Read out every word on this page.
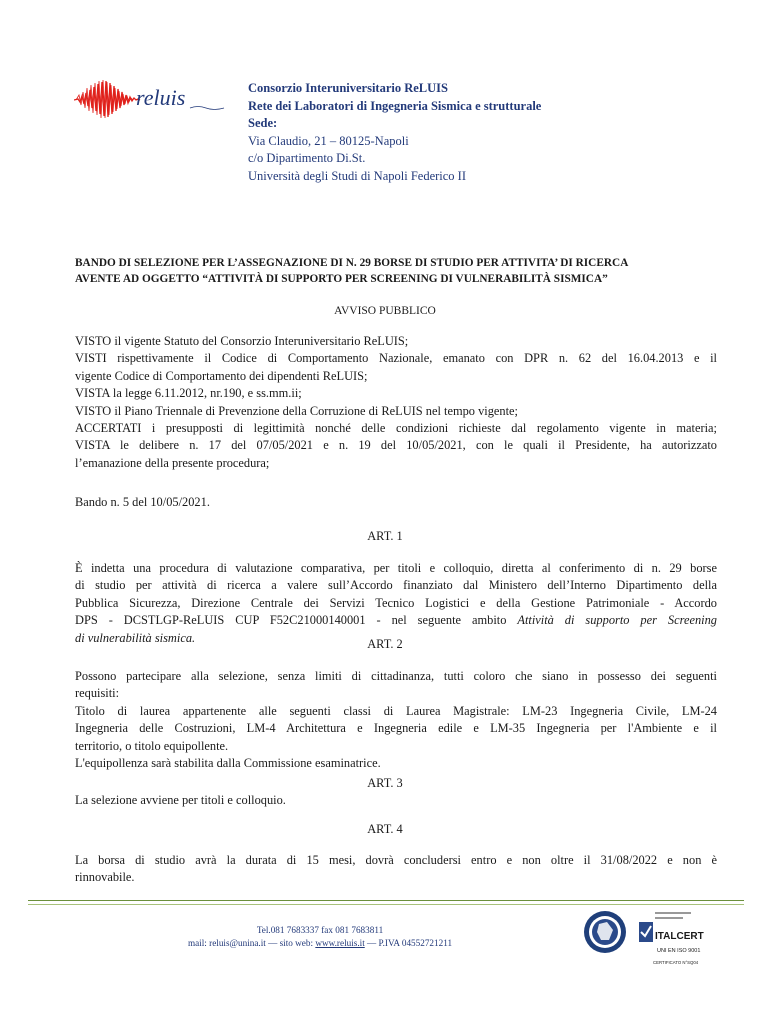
reluis	Consorzio Interuniversitario ReLUIS
Rete dei Laboratori di Ingegneria Sismica e strutturale
Sede:
Via Claudio, 21 – 80125-Napoli
c/o Dipartimento Di.St.
Università degli Studi di Napoli Federico II
BANDO DI SELEZIONE PER L’ASSEGNAZIONE DI N. 29 BORSE DI STUDIO PER ATTIVITA’ DI RICERCA
AVENTE AD OGGETTO “ATTIVITÀ DI SUPPORTO PER SCREENING DI VULNERABILITÀ SISMICA”
AVVISO PUBBLICO
VISTO il vigente Statuto del Consorzio Interuniversitario ReLUIS;
VISTI rispettivamente il Codice di Comportamento Nazionale, emanato con DPR n. 62 del 16.04.2013 e il
vigente Codice di Comportamento dei dipendenti ReLUIS;
VISTA la legge 6.11.2012, nr.190, e ss.mm.ii;
VISTO il Piano Triennale di Prevenzione della Corruzione di ReLUIS nel tempo vigente;
ACCERTATI i presupposti di legittimità nonché delle condizioni richieste dal regolamento vigente in materia;
VISTA le delibere n. 17 del 07/05/2021 e n. 19 del 10/05/2021, con le quali il Presidente, ha autorizzato
l’emanazione della presente procedura;
Bando n. 5 del 10/05/2021.
ART. 1
È indetta una procedura di valutazione comparativa, per titoli e colloquio, diretta al conferimento di n. 29 borse
di studio per attività di ricerca a valere sull’Accordo finanziato dal Ministero dell’Interno Dipartimento della
Pubblica Sicurezza, Direzione Centrale dei Servizi Tecnico Logistici e della Gestione Patrimoniale - Accordo
DPS - DCSTLGP-ReLUIS CUP F52C21000140001 - nel seguente ambito Attività di supporto per Screening
di vulnerabilità sismica.	ART. 2
Possono partecipare alla selezione, senza limiti di cittadinanza, tutti coloro che siano in possesso dei seguenti
requisiti:
Titolo di laurea appartenente alle seguenti classi di Laurea Magistrale: LM-23 Ingegneria Civile, LM-24
Ingegneria delle Costruzioni, LM-4 Architettura e Ingegneria edile e LM-35 Ingegneria per l'Ambiente e il
territorio, o titolo equipollente.
L'equipollenza sarà stabilita dalla Commissione esaminatrice.
ART. 3
La selezione avviene per titoli e colloquio.
ART. 4
La borsa di studio avrà la durata di 15 mesi, dovrà concludersi entro e non oltre il 31/08/2022 e non è
rinnovabile.
Tel.081 7683337 fax 081 7683811
mail: reluis@unina.it — sito web: www.reluis.it — P.IVA 04552721211
ITALCERT
UNI EN ISO 9001
CERTIFICATO N°SQ04
